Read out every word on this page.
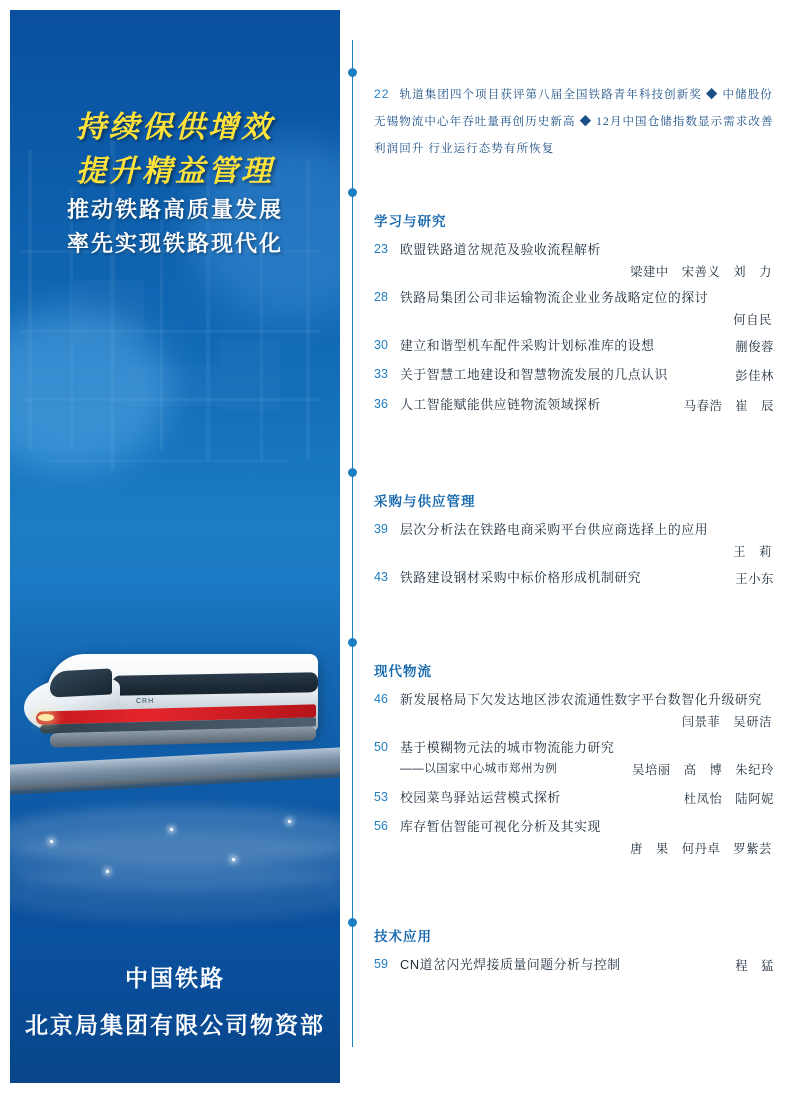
CRH
持续保供增效
提升精益管理
推动铁路高质量发展
率先实现铁路现代化
中国铁路
北京局集团有限公司物资部
22 轨道集团四个项目获评第八届全国铁路青年科技创新奖 ◆ 中储股份无锡物流中心年吞吐量再创历史新高 ◆ 12月中国仓储指数显示需求改善利润回升 行业运行态势有所恢复
学习与研究
23 欧盟铁路道岔规范及验收流程解析
梁建中　宋善义　刘　力
28 铁路局集团公司非运输物流企业业务战略定位的探讨
何自民
30 建立和谐型机车配件采购计划标准库的设想	蒯俊蓉
33 关于智慧工地建设和智慧物流发展的几点认识	彭佳林
36 人工智能赋能供应链物流领域探析	马春浩　崔　辰
采购与供应管理
39 层次分析法在铁路电商采购平台供应商选择上的应用
王　莉
43 铁路建设钢材采购中标价格形成机制研究	王小东
现代物流
46 新发展格局下欠发达地区涉农流通性数字平台数智化升级研究
闫景菲　吴研洁
50 基于模糊物元法的城市物流能力研究
——以国家中心城市郑州为例	吴培丽　高　博　朱纪玲
53 校园菜鸟驿站运营模式探析	杜凤怡　陆阿妮
56 库存暂估智能可视化分析及其实现
唐　果　何丹卓　罗紫芸
技术应用
59 CN道岔闪光焊接质量问题分析与控制	程　猛
